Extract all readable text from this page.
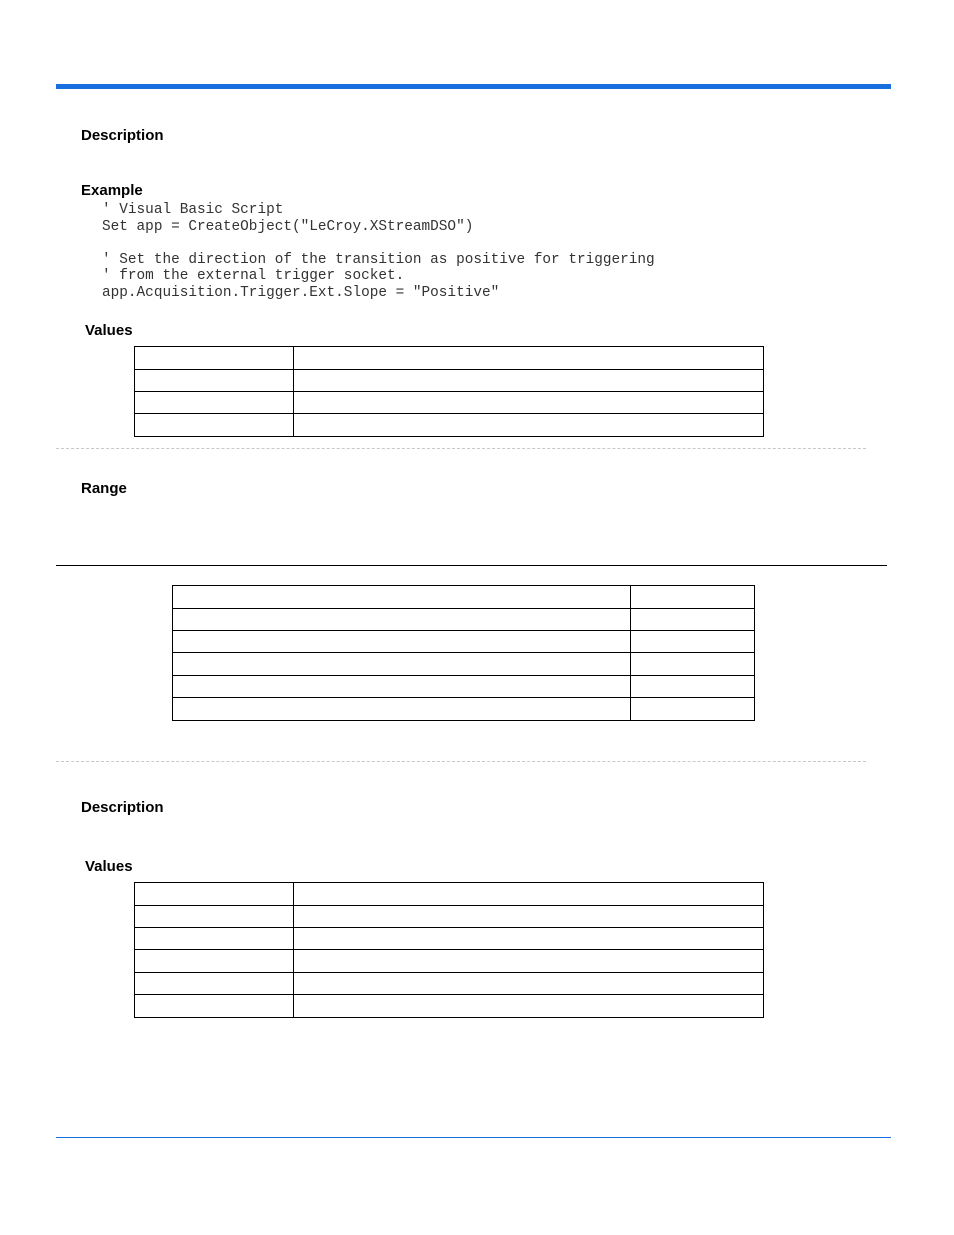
Description
Example
' Visual Basic Script
Set app = CreateObject("LeCroy.XStreamDSO")
' Set the direction of the transition as positive for triggering
' from the external trigger socket.
app.Acquisition.Trigger.Ext.Slope = "Positive"
Values

Range

Description
Values
